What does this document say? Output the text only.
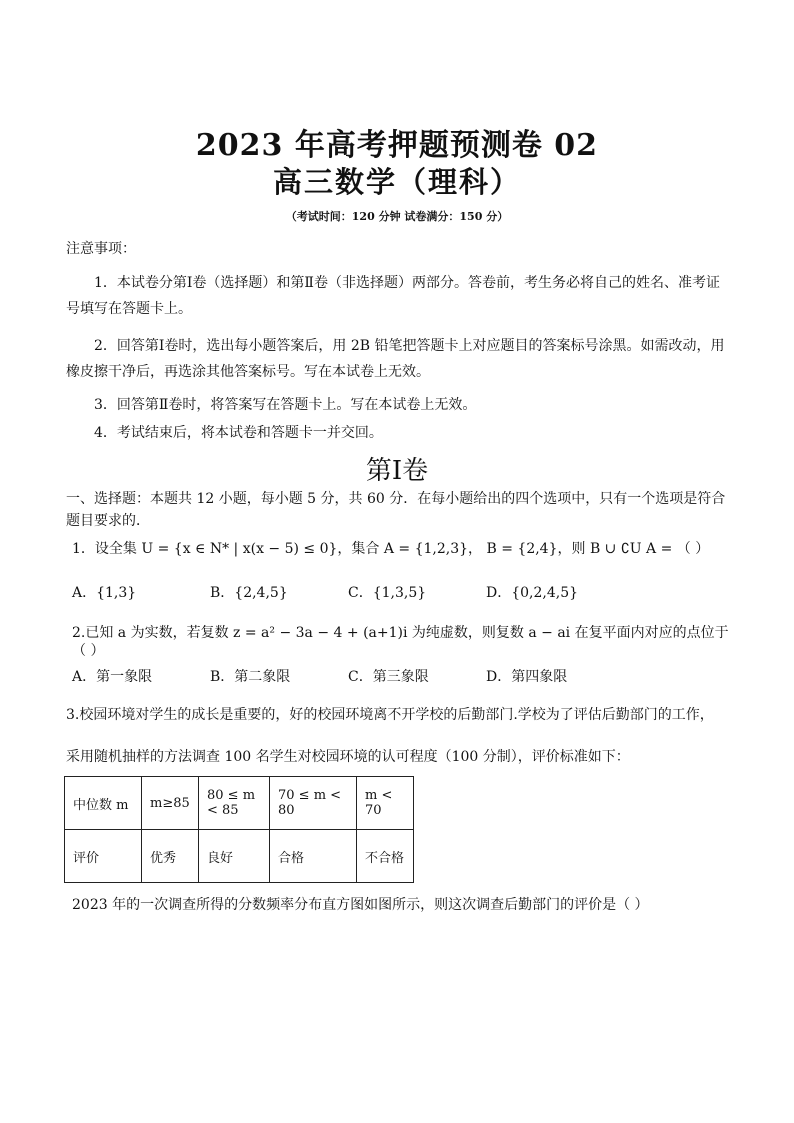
2023 年高考押题预测卷 02
高三数学（理科）
（考试时间：120 分钟 试卷满分：150 分）
注意事项：
1．本试卷分第Ⅰ卷（选择题）和第Ⅱ卷（非选择题）两部分。答卷前，考生务必将自己的姓名、准考证号填写在答题卡上。
2．回答第Ⅰ卷时，选出每小题答案后，用 2B 铅笔把答题卡上对应题目的答案标号涂黑。如需改动，用橡皮擦干净后，再选涂其他答案标号。写在本试卷上无效。
3．回答第Ⅱ卷时，将答案写在答题卡上。写在本试卷上无效。
4．考试结束后，将本试卷和答题卡一并交回。
第Ⅰ卷
一、选择题：本题共 12 小题，每小题 5 分，共 60 分．在每小题给出的四个选项中，只有一个选项是符合题目要求的．
1．设全集 U = {x ∈ N* | x(x − 5) ≤ 0}，集合 A = {1,2,3}， B = {2,4}，则 B ∪ ∁U A = （ ）
A．{1,3}	B．{2,4,5}	C．{1,3,5}	D．{0,2,4,5}
2.已知 a 为实数，若复数 z = a² − 3a − 4 + (a+1)i 为纯虚数，则复数 a − ai 在复平面内对应的点位于（ ）
A．第一象限	B．第二象限	C．第三象限	D．第四象限
3.校园环境对学生的成长是重要的，好的校园环境离不开学校的后勤部门.学校为了评估后勤部门的工作，
采用随机抽样的方法调查 100 名学生对校园环境的认可程度（100 分制），评价标准如下：
中位数 m	m≥85	80 ≤ m < 85	70 ≤ m < 80	m < 70
评价	优秀	良好	合格	不合格
2023 年的一次调查所得的分数频率分布直方图如图所示，则这次调查后勤部门的评价是（ ）
